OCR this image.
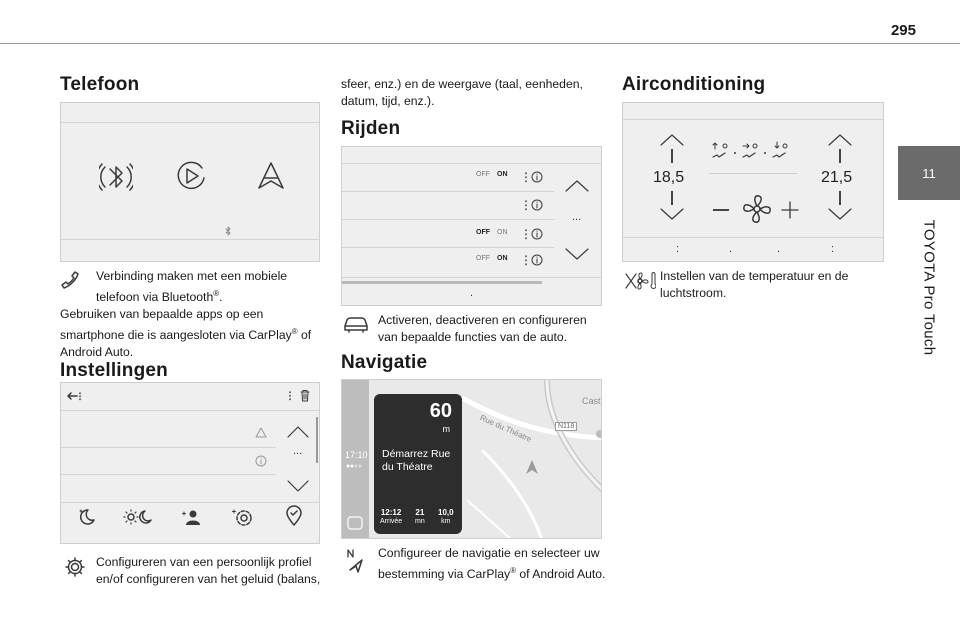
295
11
TOYOTA Pro Touch
Telefoon
Verbinding maken met een mobiele
telefoon via Bluetooth®.
Gebruiken van bepaalde apps op een
smartphone die is aangesloten via CarPlay® of
Android Auto.
Instellingen
...
Configureren van een persoonlijk profiel
en/of configureren van het geluid (balans,
sfeer, enz.) en de weergave (taal, eenheden,
datum, tijd, enz.).
Rijden
OFF ON
OFF ON
OFF ON
...
.
Activeren, deactiveren en configureren
van bepaalde functies van de auto.
Navigatie
17:10
Rue du Théatre	N118
Cast
60
m
Démarrez Rue
du Théatre
12:12
Arrivée
21
mn
10,0
km
Configureer de navigatie en selecteer uw
bestemming via CarPlay® of Android Auto.
Airconditioning
18,5	21,5
:	.	.	:
Instellen van de temperatuur en de
luchtstroom.
